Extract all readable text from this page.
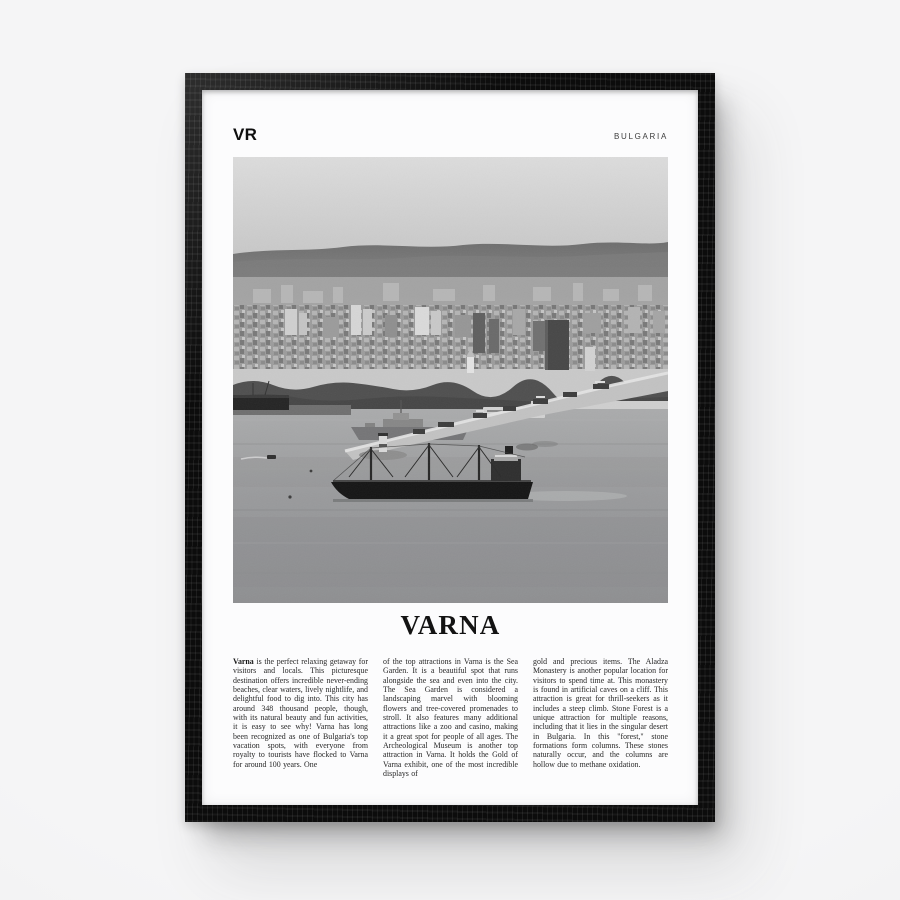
VR	BULGARIA
VARNA

Varna is the perfect relaxing getaway for visitors and locals. This picturesque destination offers incredible never-ending beaches, clear waters, lively nightlife, and delightful food to dig into. This city has around 348 thousand people, though, with its natural beauty and fun activities, it is easy to see why! Varna has long been recognized as one of Bulgaria's top vacation spots, with everyone from royalty to tourists have flocked to Varna for around 100 years. One

of the top attractions in Varna is the Sea Garden. It is a beautiful spot that runs alongside the sea and even into the city. The Sea Garden is considered a landscaping marvel with blooming flowers and tree-covered promenades to stroll. It also features many additional attractions like a zoo and casino, making it a great spot for people of all ages. The Archeological Museum is another top attraction in Varna. It holds the Gold of Varna exhibit, one of the most incredible displays of

gold and precious items. The Aladza Monastery is another popular location for visitors to spend time at. This monastery is found in artificial caves on a cliff. This attraction is great for thrill-seekers as it includes a steep climb. Stone Forest is a unique attraction for multiple reasons, including that it lies in the singular desert in Bulgaria. In this "forest," stone formations form columns. These stones naturally occur, and the columns are hollow due to methane oxidation.
